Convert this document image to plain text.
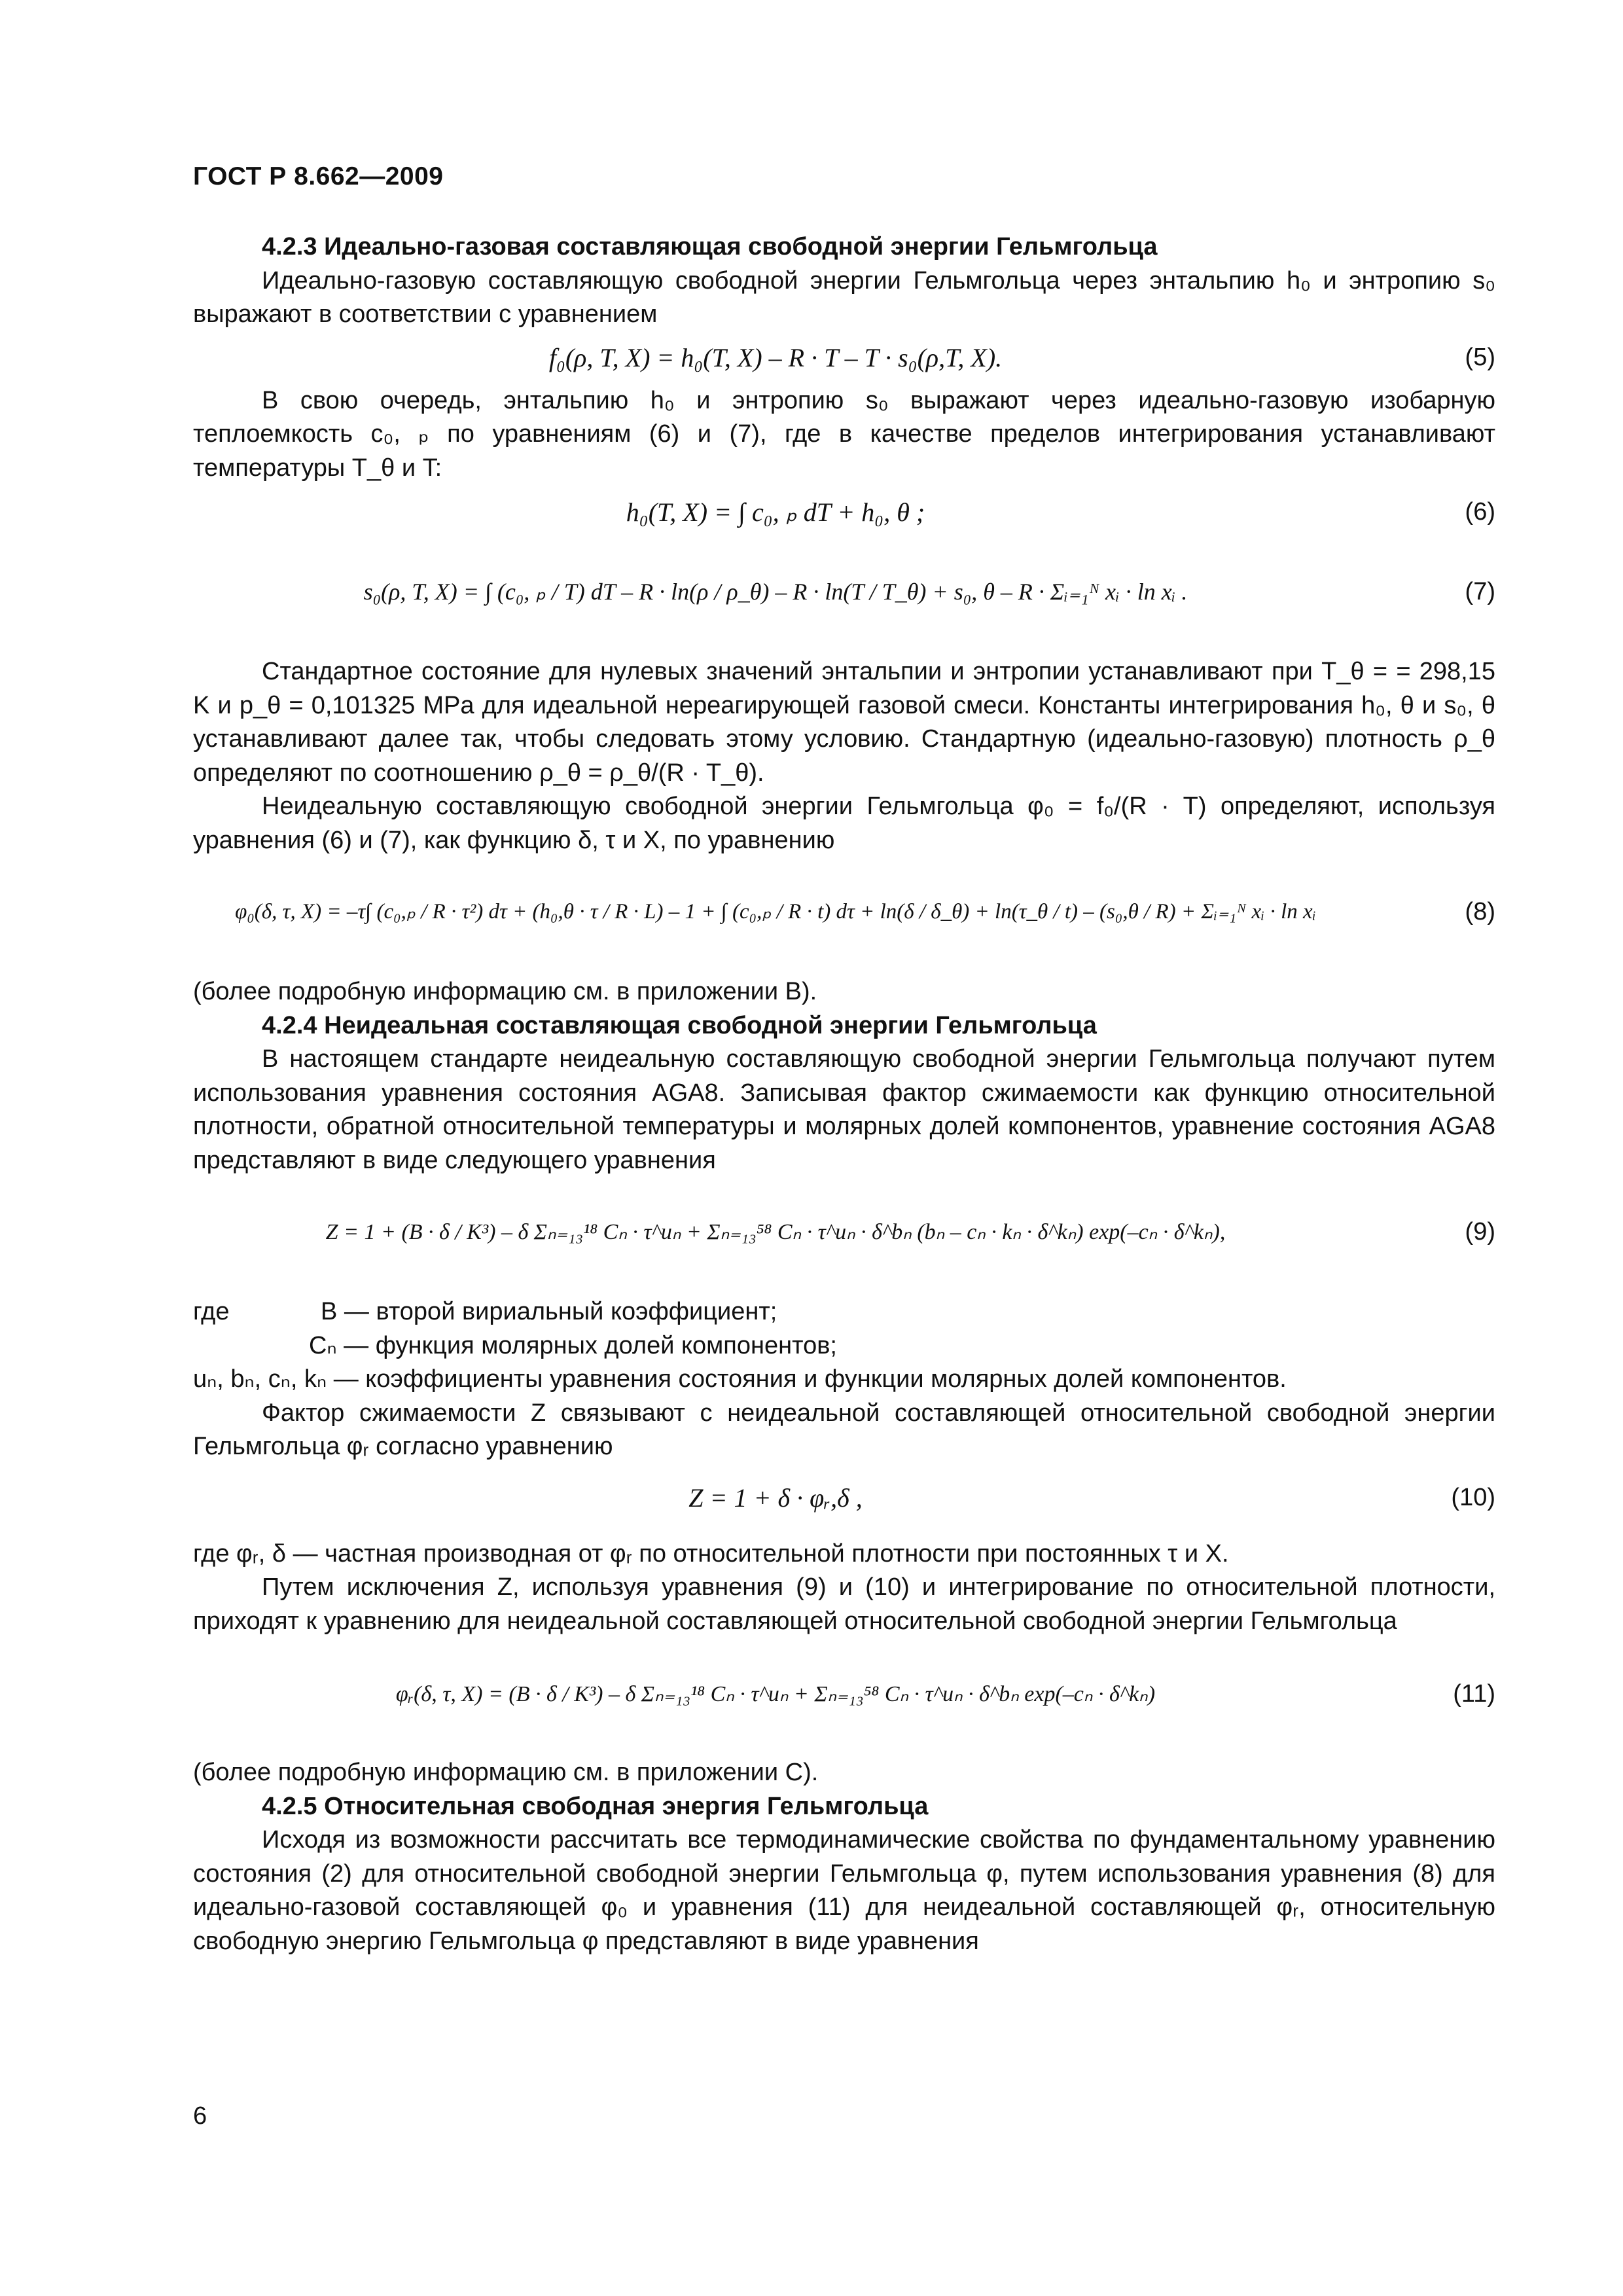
ГОСТ Р 8.662—2009

4.2.3 Идеально-газовая составляющая свободной энергии Гельмгольца

Идеально-газовую составляющую свободной энергии Гельмгольца через энтальпию h₀ и энтропию s₀ выражают в соответствии с уравнением

f₀(ρ, T, X) = h₀(T, X) – R · T – T · s₀(ρ,T, X).	(5)

В свою очередь, энтальпию h₀ и энтропию s₀ выражают через идеально-газовую изобарную теплоемкость c₀, ₚ по уравнениям (6) и (7), где в качестве пределов интегрирования устанавливают температуры T_θ и T:

h₀(T, X) = ∫ c₀, ₚ dT + h₀, θ ;	(6)
s₀(ρ, T, X) = ∫ (c₀, ₚ / T) dT – R · ln(ρ / ρ_θ) – R · ln(T / T_θ) + s₀, θ – R · Σᵢ₌₁ᴺ xᵢ · ln xᵢ .	(7)

Стандартное состояние для нулевых значений энтальпии и энтропии устанавливают при T_θ = = 298,15 K и p_θ = 0,101325 MPa для идеальной нереагирующей газовой смеси. Константы интегрирования h₀, θ и s₀, θ устанавливают далее так, чтобы следовать этому условию. Стандартную (идеально-газовую) плотность ρ_θ определяют по соотношению ρ_θ = ρ_θ/(R · T_θ).

Неидеальную составляющую свободной энергии Гельмгольца φ₀ = f₀/(R · T) определяют, используя уравнения (6) и (7), как функцию δ, τ и X, по уравнению

φ₀(δ, τ, X) = –τ∫ (c₀,ₚ / R · τ²) dτ + (h₀,θ · τ / R · L) – 1 + ∫ (c₀,ₚ / R · t) dτ + ln(δ / δ_θ) + ln(τ_θ / t) – (s₀,θ / R) + Σᵢ₌₁ᴺ xᵢ · ln xᵢ	(8)

(более подробную информацию см. в приложении В).

4.2.4 Неидеальная составляющая свободной энергии Гельмгольца

В настоящем стандарте неидеальную составляющую свободной энергии Гельмгольца получают путем использования уравнения состояния AGA8. Записывая фактор сжимаемости как функцию относительной плотности, обратной относительной температуры и молярных долей компонентов, уравнение состояния AGA8 представляют в виде следующего уравнения

Z = 1 + (B · δ / K³) – δ Σₙ₌₁₃¹⁸ Cₙ · τ^uₙ + Σₙ₌₁₃⁵⁸ Cₙ · τ^uₙ · δ^bₙ (bₙ – cₙ · kₙ · δ^kₙ) exp(–cₙ · δ^kₙ),	(9)
где	B — второй вириальный коэффициент;
Cₙ — функция молярных долей компонентов;
uₙ, bₙ, cₙ, kₙ — коэффициенты уравнения состояния и функции молярных долей компонентов.

Фактор сжимаемости Z связывают с неидеальной составляющей относительной свободной энергии Гельмгольца φᵣ согласно уравнению

Z = 1 + δ · φᵣ,δ ,	(10)

где φᵣ, δ — частная производная от φᵣ по относительной плотности при постоянных τ и X.

Путем исключения Z, используя уравнения (9) и (10) и интегрирование по относительной плотности, приходят к уравнению для неидеальной составляющей относительной свободной энергии Гельмгольца

φᵣ(δ, τ, X) = (B · δ / K³) – δ Σₙ₌₁₃¹⁸ Cₙ · τ^uₙ + Σₙ₌₁₃⁵⁸ Cₙ · τ^uₙ · δ^bₙ exp(–cₙ · δ^kₙ)	(11)

(более подробную информацию см. в приложении С).

4.2.5 Относительная свободная энергия Гельмгольца

Исходя из возможности рассчитать все термодинамические свойства по фундаментальному уравнению состояния (2) для относительной свободной энергии Гельмгольца φ, путем использования уравнения (8) для идеально-газовой составляющей φ₀ и уравнения (11) для неидеальной составляющей φᵣ, относительную свободную энергию Гельмгольца φ представляют в виде уравнения

6
